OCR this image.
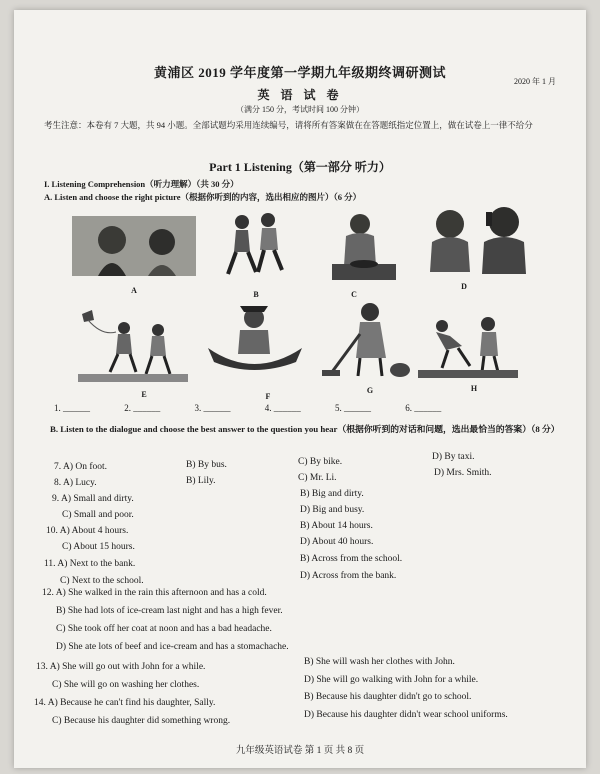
黄浦区 2019 学年度第一学期九年级期终调研测试
2020 年 1 月
英 语 试 卷
（满分 150 分，考试时间 100 分钟）
考生注意：本卷有 7 大题，共 94 小题。全部试题均采用连续编号，请将所有答案做在在答题纸指定位置上，做在试卷上一律不给分
Part 1 Listening（第一部分 听力）
I. Listening Comprehension（听力理解）（共 30 分）
A. Listen and choose the right picture（根据你听到的内容，选出相应的图片）（6 分）
A	B	C
D
E	F
G	H
1. ______	2. ______	3. ______	4. ______	5. ______	6. ______
B. Listen to the dialogue and choose the best answer to the question you hear（根据你听到的对话和问题，选出最恰当的答案）（8 分）
7. A) On foot.	B) By bus.	C) By bike.	D) By taxi.
8. A) Lucy.	B) Lily.	C) Mr. Li.	D) Mrs. Smith.
9. A) Small and dirty.	B) Big and dirty.
C) Small and poor.	D) Big and busy.
10. A) About 4 hours.	B) About 14 hours.
C) About 15 hours.	D) About 40 hours.
11. A) Next to the bank.	B) Across from the school.
C) Next to the school.	D) Across from the bank.
12. A) She walked in the rain this afternoon and has a cold.
B) She had lots of ice-cream last night and has a high fever.
C) She took off her coat at noon and has a bad headache.
D) She ate lots of beef and ice-cream and has a stomachache.
13. A) She will go out with John for a while.	B) She will wash her clothes with John.
C) She will go on washing her clothes.	D) She will go walking with John for a while.
14. A) Because he can't find his daughter, Sally.
B) Because his daughter didn't go to school.
C) Because his daughter did something wrong.
D) Because his daughter didn't wear school uniforms.
九年级英语试卷 第 1 页 共 8 页
